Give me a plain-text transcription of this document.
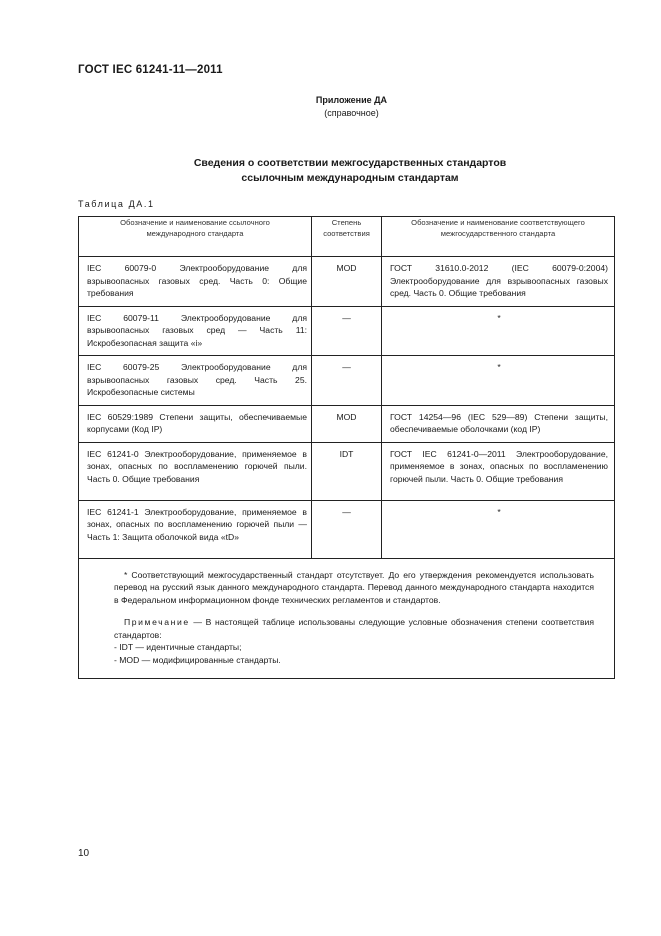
ГОСТ IEC 61241-11—2011
Приложение ДА
(справочное)
Сведения о соответствии межгосударственных стандартов
ссылочным международным стандартам
Таблица ДА.1
Обозначение и наименование ссылочного международного стандарта	Степень соответствия	Обозначение и наименование соответствующего межгосударственного стандарта
IEC 60079-0 Электрооборудование для взрывоопасных газовых сред. Часть 0: Общие требования	MOD	ГОСТ 31610.0-2012 (IEC 60079-0:2004) Электрооборудование для взрывоопасных газовых сред. Часть 0. Общие требования
IEC 60079-11 Электрооборудование для взрывоопасных газовых сред — Часть 11: Искробезопасная защита «i»	—	*
IEC 60079-25 Электрооборудование для взрывоопасных газовых сред. Часть 25. Искробезопасные системы	—	*
IEC 60529:1989 Степени защиты, обеспечиваемые корпусами (Код IP)	MOD	ГОСТ 14254—96 (IEC 529—89) Степени защиты, обеспечиваемые оболочками (код IP)
IEC 61241-0 Электрооборудование, применяемое в зонах, опасных по воспламенению горючей пыли. Часть 0. Общие требования	IDT	ГОСТ IEC 61241-0—2011 Электрооборудование, применяемое в зонах, опасных по воспламенению горючей пыли. Часть 0. Общие требования
IEC 61241-1 Электрооборудование, применяемое в зонах, опасных по воспламенению горючей пыли — Часть 1: Защита оболочкой вида «tD»	—	*

* Соответствующий межгосударственный стандарт отсутствует. До его утверждения рекомендуется использовать перевод на русский язык данного международного стандарта. Перевод данного международного стандарта находится в Федеральном информационном фонде технических регламентов и стандартов.

Примечание — В настоящей таблице использованы следующие условные обозначения степени соответствия стандартов:

- IDT — идентичные стандарты;

- MOD — модифицированные стандарты.		

10
